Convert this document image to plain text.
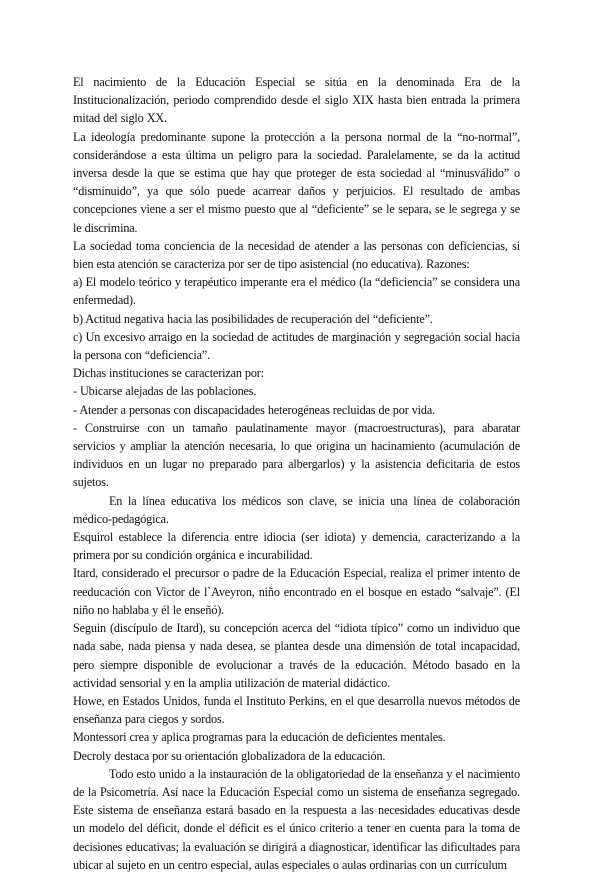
El nacimiento de la Educación Especial se sitúa en la denominada Era de la Institucionalización, periodo comprendido desde el siglo XIX hasta bien entrada la primera mitad del siglo XX.

La ideología predominante supone la protección a la persona normal de la “no-normal”, considerándose a esta última un peligro para la sociedad. Paralelamente, se da la actitud inversa desde la que se estima que hay que proteger de esta sociedad al “minusválido” o “disminuido”, ya que sólo puede acarrear daños y perjuicios. El resultado de ambas concepciones viene a ser el mismo puesto que al “deficiente” se le separa, se le segrega y se le discrimina.

La sociedad toma conciencia de la necesidad de atender a las personas con deficiencias, si bien esta atención se caracteriza por ser de tipo asistencial (no educativa). Razones:

a) El modelo teórico y terapéutico imperante era el médico (la “deficiencia” se considera una enfermedad).

b) Actitud negativa hacia las posibilidades de recuperación del “deficiente”.

c) Un excesivo arraigo en la sociedad de actitudes de marginación y segregación social hacia la persona con “deficiencia”.

Dichas instituciones se caracterizan por:

- Ubicarse alejadas de las poblaciones.

- Atender a personas con discapacidades heterogéneas recluidas de por vida.

- Construirse con un tamaño paulatinamente mayor (macroestructuras), para abaratar servicios y ampliar la atención necesaria, lo que origina un hacinamiento (acumulación de individuos en un lugar no preparado para albergarlos) y la asistencia deficitaria de estos sujetos.

En la línea educativa los médicos son clave, se inicia una línea de colaboración médico-pedagógica.

Esquirol establece la diferencia entre idiocia (ser idiota) y demencia, caracterizando a la primera por su condición orgánica e incurabilidad.

Itard, considerado el precursor o padre de la Educación Especial, realiza el primer intento de reeducación con Victor de l`Aveyron, niño encontrado en el bosque en estado “salvaje”. (El niño no hablaba y él le enseñó).

Seguin (discípulo de Itard), su concepción acerca del “idiota típico” como un individuo que nada sabe, nada piensa y nada desea, se plantea desde una dimensión de total incapacidad, pero siempre disponible de evolucionar a través de la educación. Método basado en la actividad sensorial y en la amplia utilización de material didáctico.

Howe, en Estados Unidos, funda el Instituto Perkins, en el que desarrolla nuevos métodos de enseñanza para ciegos y sordos.

Montessori crea y aplica programas para la educación de deficientes mentales.

Decroly destaca por su orientación globalizadora de la educación.

Todo esto unido a la instauración de la obligatoriedad de la enseñanza y el nacimiento de la Psicometría. Así nace la Educación Especial como un sistema de enseñanza segregado. Este sistema de enseñanza estará basado en la respuesta a las necesidades educativas desde un modelo del déficit, donde el déficit es el único criterio a tener en cuenta para la toma de decisiones educativas; la evaluación se dirigirá a diagnosticar, identificar las dificultades para ubicar al sujeto en un centro especial, aulas especiales o aulas ordinarias con un currículum
